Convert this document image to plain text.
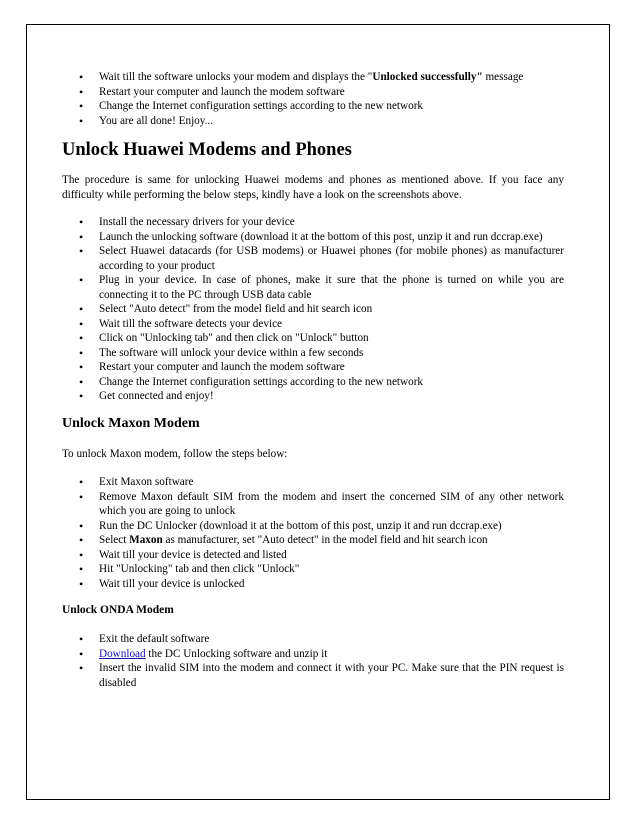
• Wait till the software unlocks your modem and displays the "Unlocked successfully" message
• Restart your computer and launch the modem software
• Change the Internet configuration settings according to the new network
• You are all done! Enjoy...
Unlock Huawei Modems and Phones

The procedure is same for unlocking Huawei modems and phones as mentioned above. If you face any difficulty while performing the below steps, kindly have a look on the screenshots above.

• Install the necessary drivers for your device
• Launch the unlocking software (download it at the bottom of this post, unzip it and run dccrap.exe)
• Select Huawei datacards (for USB modems) or Huawei phones (for mobile phones) as manufacturer according to your product
• Plug in your device. In case of phones, make it sure that the phone is turned on while you are connecting it to the PC through USB data cable
• Select "Auto detect" from the model field and hit search icon
• Wait till the software detects your device
• Click on "Unlocking tab" and then click on "Unlock" button
• The software will unlock your device within a few seconds
• Restart your computer and launch the modem software
• Change the Internet configuration settings according to the new network
• Get connected and enjoy!
Unlock Maxon Modem

To unlock Maxon modem, follow the steps below:

• Exit Maxon software
• Remove Maxon default SIM from the modem and insert the concerned SIM of any other network which you are going to unlock
• Run the DC Unlocker (download it at the bottom of this post, unzip it and run dccrap.exe)
• Select Maxon as manufacturer, set "Auto detect" in the model field and hit search icon
• Wait till your device is detected and listed
• Hit "Unlocking" tab and then click "Unlock"
• Wait till your device is unlocked
Unlock ONDA Modem
• Exit the default software
• Download the DC Unlocking software and unzip it
• Insert the invalid SIM into the modem and connect it with your PC. Make sure that the PIN request is disabled
